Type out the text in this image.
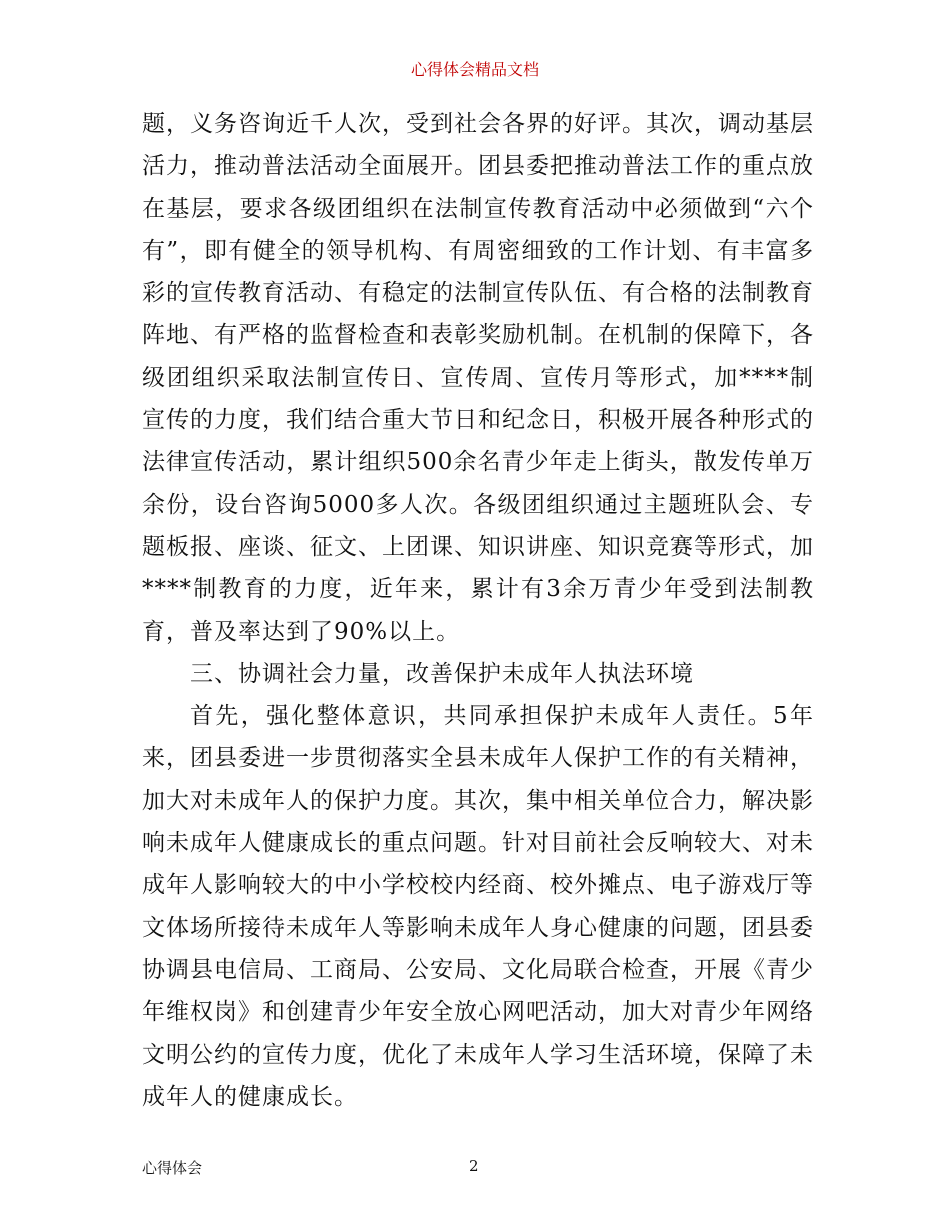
心得体会精品文档

题，义务咨询近千人次，受到社会各界的好评。其次，调动基层活力，推动普法活动全面展开。团县委把推动普法工作的重点放在基层，要求各级团组织在法制宣传教育活动中必须做到“六个有”，即有健全的领导机构、有周密细致的工作计划、有丰富多彩的宣传教育活动、有稳定的法制宣传队伍、有合格的法制教育阵地、有严格的监督检查和表彰奖励机制。在机制的保障下，各级团组织采取法制宣传日、宣传周、宣传月等形式，加****制宣传的力度，我们结合重大节日和纪念日，积极开展各种形式的法律宣传活动，累计组织500余名青少年走上街头，散发传单万余份，设台咨询5000多人次。各级团组织通过主题班队会、专题板报、座谈、征文、上团课、知识讲座、知识竞赛等形式，加****制教育的力度，近年来，累计有3余万青少年受到法制教育，普及率达到了90%以上。

三、协调社会力量，改善保护未成年人执法环境

首先，强化整体意识，共同承担保护未成年人责任。5年来，团县委进一步贯彻落实全县未成年人保护工作的有关精神，加大对未成年人的保护力度。其次，集中相关单位合力，解决影响未成年人健康成长的重点问题。针对目前社会反响较大、对未成年人影响较大的中小学校校内经商、校外摊点、电子游戏厅等文体场所接待未成年人等影响未成年人身心健康的问题，团县委协调县电信局、工商局、公安局、文化局联合检查，开展《青少年维权岗》和创建青少年安全放心网吧活动，加大对青少年网络文明公约的宣传力度，优化了未成年人学习生活环境，保障了未成年人的健康成长。

心得体会	2
